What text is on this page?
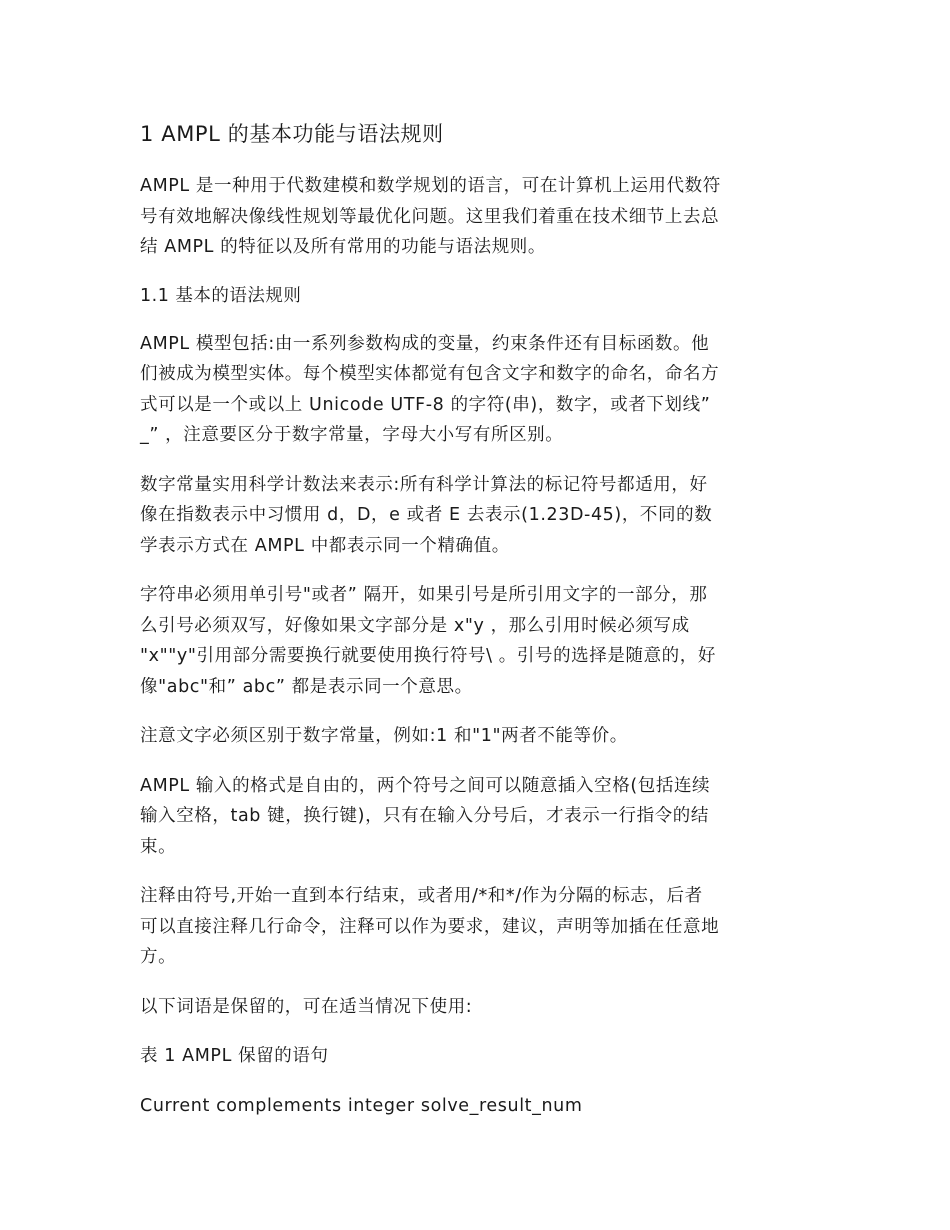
1 AMPL 的基本功能与语法规则
AMPL 是一种用于代数建模和数学规划的语言，可在计算机上运用代数符
号有效地解决像线性规划等最优化问题。这里我们着重在技术细节上去总
结 AMPL 的特征以及所有常用的功能与语法规则。
1.1 基本的语法规则
AMPL 模型包括:由一系列参数构成的变量，约束条件还有目标函数。他
们被成为模型实体。每个模型实体都觉有包含文字和数字的命名，命名方
式可以是一个或以上 Unicode UTF-8 的字符(串)，数字，或者下划线”
_” ，注意要区分于数字常量，字母大小写有所区别。
数字常量实用科学计数法来表示:所有科学计算法的标记符号都适用，好
像在指数表示中习惯用 d，D，e 或者 E 去表示(1.23D-45)，不同的数
学表示方式在 AMPL 中都表示同一个精确值。
字符串必须用单引号"或者” 隔开，如果引号是所引用文字的一部分，那
么引号必须双写，好像如果文字部分是 x"y ，那么引用时候必须写成
"x""y"引用部分需要换行就要使用换行符号\ 。引号的选择是随意的，好
像"abc"和” abc” 都是表示同一个意思。
注意文字必须区别于数字常量，例如:1 和"1"两者不能等价。
AMPL 输入的格式是自由的，两个符号之间可以随意插入空格(包括连续
输入空格，tab 键，换行键)，只有在输入分号后，才表示一行指令的结
束。
注释由符号,开始一直到本行结束，或者用/*和*/作为分隔的标志，后者
可以直接注释几行命令，注释可以作为要求，建议，声明等加插在任意地
方。
以下词语是保留的，可在适当情况下使用:
表 1 AMPL 保留的语句
Current complements integer solve_result_num
